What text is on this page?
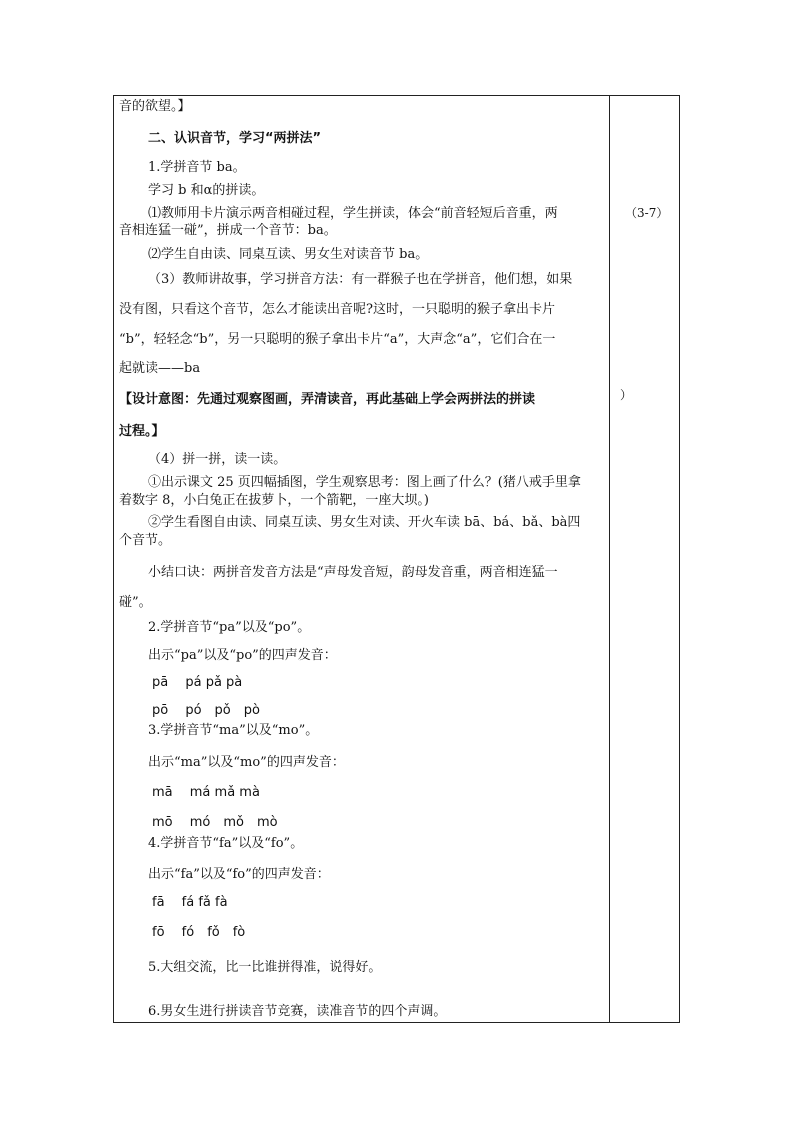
音的欲望。】
二、认识音节，学习“两拼法”
1.学拼音节 ba。
学习 b 和α的拼读。
⑴教师用卡片演示两音相碰过程，学生拼读，体会“前音轻短后音重，两
音相连猛一碰”，拼成一个音节：ba。
⑵学生自由读、同桌互读、男女生对读音节 ba。
（3）教师讲故事，学习拼音方法：有一群猴子也在学拼音，他们想，如果
没有图，只看这个音节，怎么才能读出音呢?这时，一只聪明的猴子拿出卡片
“b”，轻轻念“b”，另一只聪明的猴子拿出卡片“a”，大声念“a”，它们合在一
起就读——ba
【设计意图：先通过观察图画，弄清读音，再此基础上学会两拼法的拼读
过程。】
（4）拼一拼，读一读。
①出示课文 25 页四幅插图，学生观察思考：图上画了什么？(猪八戒手里拿
着数字 8，小白兔正在拔萝卜，一个箭靶，一座大坝。)
②学生看图自由读、同桌互读、男女生对读、开火车读 bā、bá、bǎ、bà四
个音节。
小结口诀：两拼音发音方法是“声母发音短，韵母发音重，两音相连猛一
碰”。
2.学拼音节“pa”以及“po”。
出示“pa”以及“po”的四声发音：
pā　 pá pǎ pà
pō　 pó　pǒ　pò
3.学拼音节“ma”以及“mo”。
出示“ma”以及“mo”的四声发音：
mā　 má mǎ mà
mō　 mó　mǒ　mò
4.学拼音节“fa”以及“fo”。
出示“fa”以及“fo”的四声发音：
fā　 fá fǎ fà
fō　 fó　fǒ　fò
5.大组交流，比一比谁拼得准，说得好。
6.男女生进行拼读音节竞赛，读准音节的四个声调。
（3-7）
）
